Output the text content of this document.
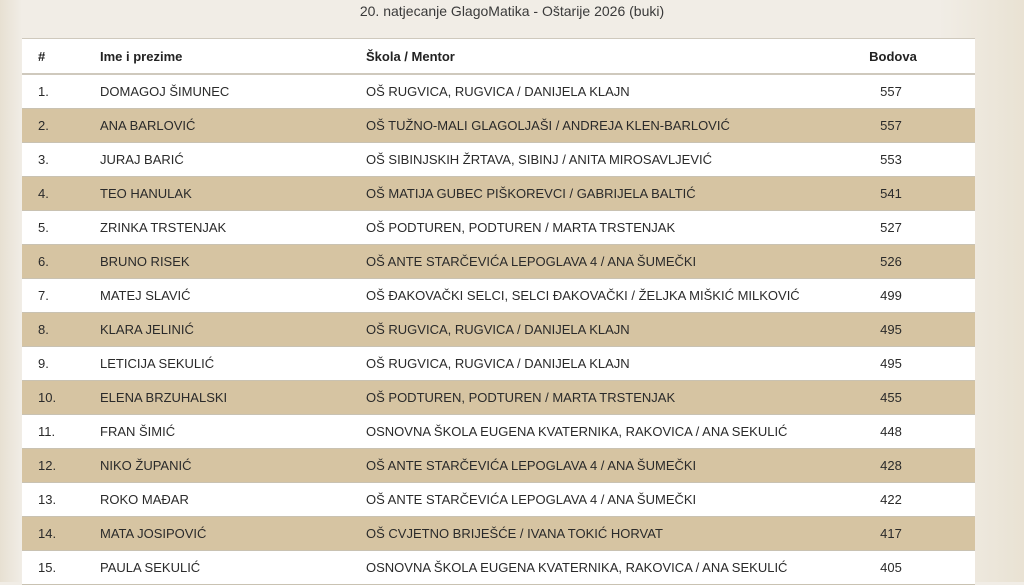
20. natjecanje GlagoMatika - Oštarije 2026 (buki)
#	Ime i prezime	Škola / Mentor	Bodova
1.	DOMAGOJ ŠIMUNEC	OŠ RUGVICA, RUGVICA / DANIJELA KLAJN	557
2.	ANA BARLOVIĆ	OŠ TUŽNO-MALI GLAGOLJAŠI / ANDREJA KLEN-BARLOVIĆ	557
3.	JURAJ BARIĆ	OŠ SIBINJSKIH ŽRTAVA, SIBINJ / ANITA MIROSAVLJEVIĆ	553
4.	TEO HANULAK	OŠ MATIJA GUBEC PIŠKOREVCI / GABRIJELA BALTIĆ	541
5.	ZRINKA TRSTENJAK	OŠ PODTUREN, PODTUREN / MARTA TRSTENJAK	527
6.	BRUNO RISEK	OŠ ANTE STARČEVIĆA LEPOGLAVA 4 / ANA ŠUMEČKI	526
7.	MATEJ SLAVIĆ	OŠ ĐAKOVAČKI SELCI, SELCI ĐAKOVAČKI / ŽELJKA MIŠKIĆ MILKOVIĆ	499
8.	KLARA JELINIĆ	OŠ RUGVICA, RUGVICA / DANIJELA KLAJN	495
9.	LETICIJA SEKULIĆ	OŠ RUGVICA, RUGVICA / DANIJELA KLAJN	495
10.	ELENA BRZUHALSKI	OŠ PODTUREN, PODTUREN / MARTA TRSTENJAK	455
11.	FRAN ŠIMIĆ	OSNOVNA ŠKOLA EUGENA KVATERNIKA, RAKOVICA / ANA SEKULIĆ	448
12.	NIKO ŽUPANIĆ	OŠ ANTE STARČEVIĆA LEPOGLAVA 4 / ANA ŠUMEČKI	428
13.	ROKO MAĐAR	OŠ ANTE STARČEVIĆA LEPOGLAVA 4 / ANA ŠUMEČKI	422
14.	MATA JOSIPOVIĆ	OŠ CVJETNO BRIJEŠĆE / IVANA TOKIĆ HORVAT	417
15.	PAULA SEKULIĆ	OSNOVNA ŠKOLA EUGENA KVATERNIKA, RAKOVICA / ANA SEKULIĆ	405
